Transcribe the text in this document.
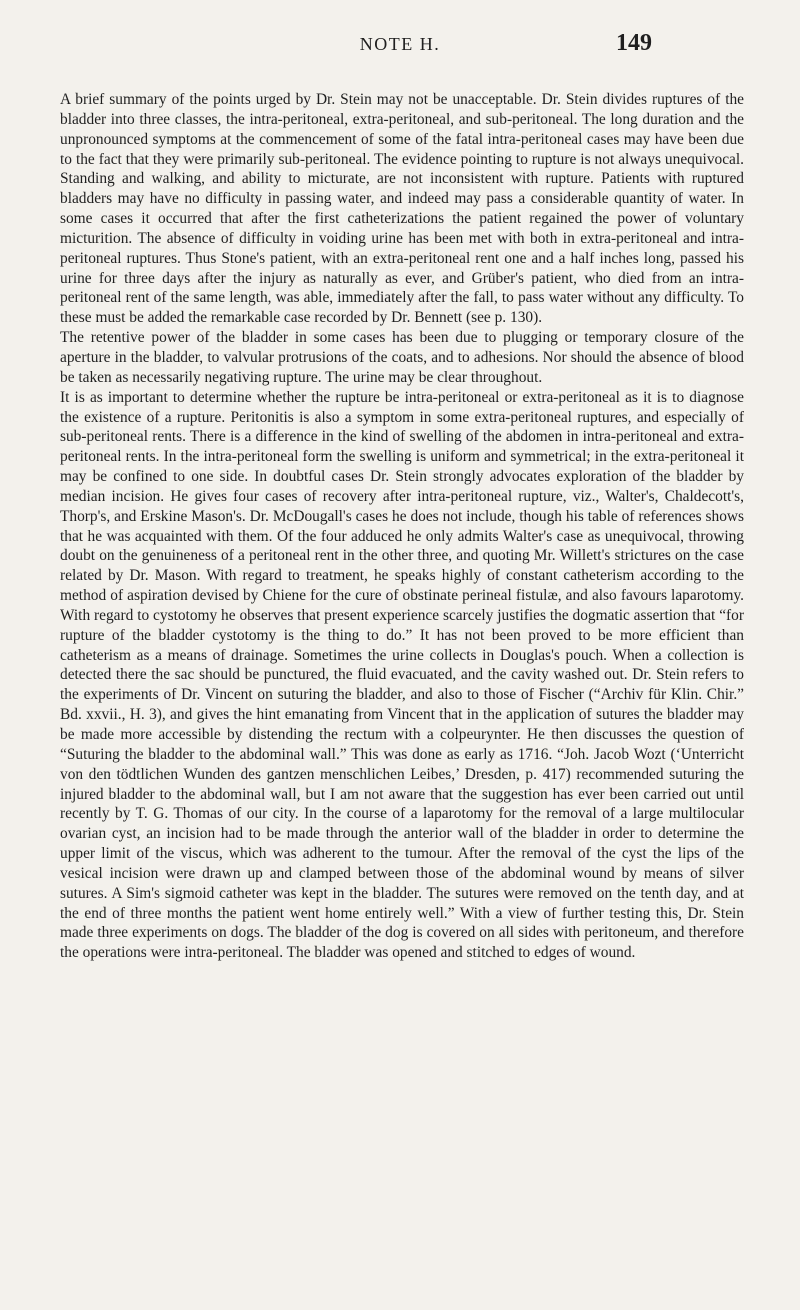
NOTE H.	149

A brief summary of the points urged by Dr. Stein may not be unacceptable. Dr. Stein divides ruptures of the bladder into three classes, the intra-peritoneal, extra-peritoneal, and sub-peritoneal. The long duration and the unpronounced symptoms at the commencement of some of the fatal intra-peritoneal cases may have been due to the fact that they were primarily sub-peritoneal. The evidence pointing to rupture is not always unequivocal. Standing and walking, and ability to micturate, are not inconsistent with rupture. Patients with ruptured bladders may have no difficulty in passing water, and indeed may pass a considerable quantity of water. In some cases it occurred that after the first catheterizations the patient regained the power of voluntary micturition. The absence of difficulty in voiding urine has been met with both in extra-peritoneal and intra-peritoneal ruptures. Thus Stone's patient, with an extra-peritoneal rent one and a half inches long, passed his urine for three days after the injury as naturally as ever, and Grüber's patient, who died from an intra-peritoneal rent of the same length, was able, immediately after the fall, to pass water without any difficulty. To these must be added the remarkable case recorded by Dr. Bennett (see p. 130).

The retentive power of the bladder in some cases has been due to plugging or temporary closure of the aperture in the bladder, to valvular protrusions of the coats, and to adhesions. Nor should the absence of blood be taken as necessarily negativing rupture. The urine may be clear throughout.

It is as important to determine whether the rupture be intra-peritoneal or extra-peritoneal as it is to diagnose the existence of a rupture. Peritonitis is also a symptom in some extra-peritoneal ruptures, and especially of sub-peritoneal rents. There is a difference in the kind of swelling of the abdomen in intra-peritoneal and extra-peritoneal rents. In the intra-peritoneal form the swelling is uniform and symmetrical; in the extra-peritoneal it may be confined to one side. In doubtful cases Dr. Stein strongly advocates exploration of the bladder by median incision. He gives four cases of recovery after intra-peritoneal rupture, viz., Walter's, Chaldecott's, Thorp's, and Erskine Mason's. Dr. McDougall's cases he does not include, though his table of references shows that he was acquainted with them. Of the four adduced he only admits Walter's case as unequivocal, throwing doubt on the genuineness of a peritoneal rent in the other three, and quoting Mr. Willett's strictures on the case related by Dr. Mason. With regard to treatment, he speaks highly of constant catheterism according to the method of aspiration devised by Chiene for the cure of obstinate perineal fistulæ, and also favours laparotomy. With regard to cystotomy he observes that present experience scarcely justifies the dogmatic assertion that “for rupture of the bladder cystotomy is the thing to do.” It has not been proved to be more efficient than catheterism as a means of drainage. Sometimes the urine collects in Douglas's pouch. When a collection is detected there the sac should be punctured, the fluid evacuated, and the cavity washed out. Dr. Stein refers to the experiments of Dr. Vincent on suturing the bladder, and also to those of Fischer (“Archiv für Klin. Chir.” Bd. xxvii., H. 3), and gives the hint emanating from Vincent that in the application of sutures the bladder may be made more accessible by distending the rectum with a colpeurynter. He then discusses the question of “Suturing the bladder to the abdominal wall.” This was done as early as 1716. “Joh. Jacob Wozt (‘Unterricht von den tödtlichen Wunden des gantzen menschlichen Leibes,’ Dresden, p. 417) recommended suturing the injured bladder to the abdominal wall, but I am not aware that the suggestion has ever been carried out until recently by T. G. Thomas of our city. In the course of a laparotomy for the removal of a large multilocular ovarian cyst, an incision had to be made through the anterior wall of the bladder in order to determine the upper limit of the viscus, which was adherent to the tumour. After the removal of the cyst the lips of the vesical incision were drawn up and clamped between those of the abdominal wound by means of silver sutures. A Sim's sigmoid catheter was kept in the bladder. The sutures were removed on the tenth day, and at the end of three months the patient went home entirely well.” With a view of further testing this, Dr. Stein made three experiments on dogs. The bladder of the dog is covered on all sides with peritoneum, and therefore the operations were intra-peritoneal. The bladder was opened and stitched to edges of wound.
